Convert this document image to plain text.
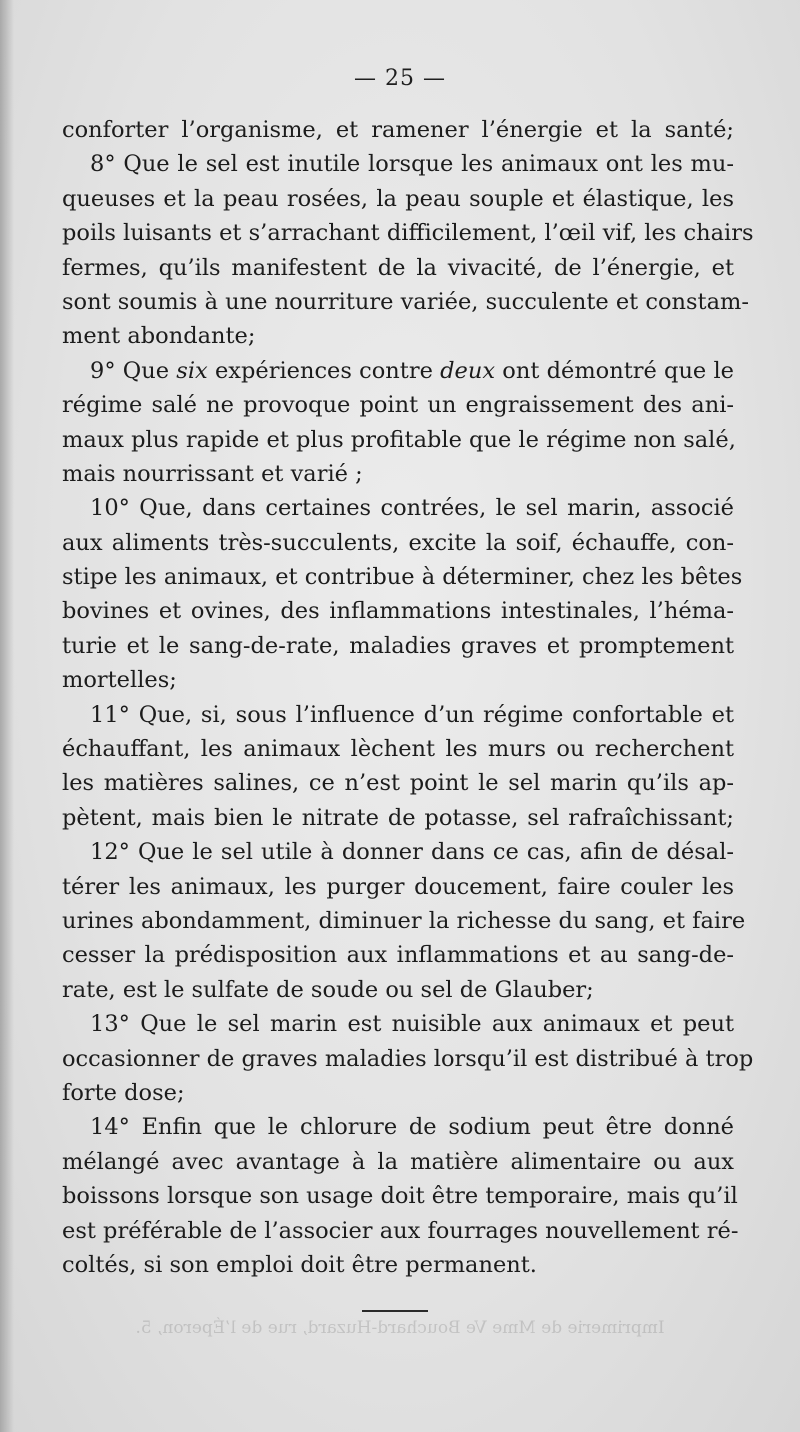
— 25 —
conforter l’organisme, et ramener l’énergie et la santé;
8° Que le sel est inutile lorsque les animaux ont les mu-
queuses et la peau rosées, la peau souple et élastique, les
poils luisants et s’arrachant difficilement, l’œil vif, les chairs
fermes, qu’ils manifestent de la vivacité, de l’énergie, et
sont soumis à une nourriture variée, succulente et constam-
ment abondante;
9° Que six expériences contre deux ont démontré que le
régime salé ne provoque point un engraissement des ani-
maux plus rapide et plus profitable que le régime non salé,
mais nourrissant et varié ;
10° Que, dans certaines contrées, le sel marin, associé
aux aliments très-succulents, excite la soif, échauffe, con-
stipe les animaux, et contribue à déterminer, chez les bêtes
bovines et ovines, des inflammations intestinales, l’héma-
turie et le sang-de-rate, maladies graves et promptement
mortelles;
11° Que, si, sous l’influence d’un régime confortable et
échauffant, les animaux lèchent les murs ou recherchent
les matières salines, ce n’est point le sel marin qu’ils ap-
pètent, mais bien le nitrate de potasse, sel rafraîchissant;
12° Que le sel utile à donner dans ce cas, afin de désal-
térer les animaux, les purger doucement, faire couler les
urines abondamment, diminuer la richesse du sang, et faire
cesser la prédisposition aux inflammations et au sang-de-
rate, est le sulfate de soude ou sel de Glauber;
13° Que le sel marin est nuisible aux animaux et peut
occasionner de graves maladies lorsqu’il est distribué à trop
forte dose;
14° Enfin que le chlorure de sodium peut être donné
mélangé avec avantage à la matière alimentaire ou aux
boissons lorsque son usage doit être temporaire, mais qu’il
est préférable de l’associer aux fourrages nouvellement ré-
coltés, si son emploi doit être permanent.
Imprimerie de Mme Ve Bouchard-Huzard, rue de l’Éperon, 5.
